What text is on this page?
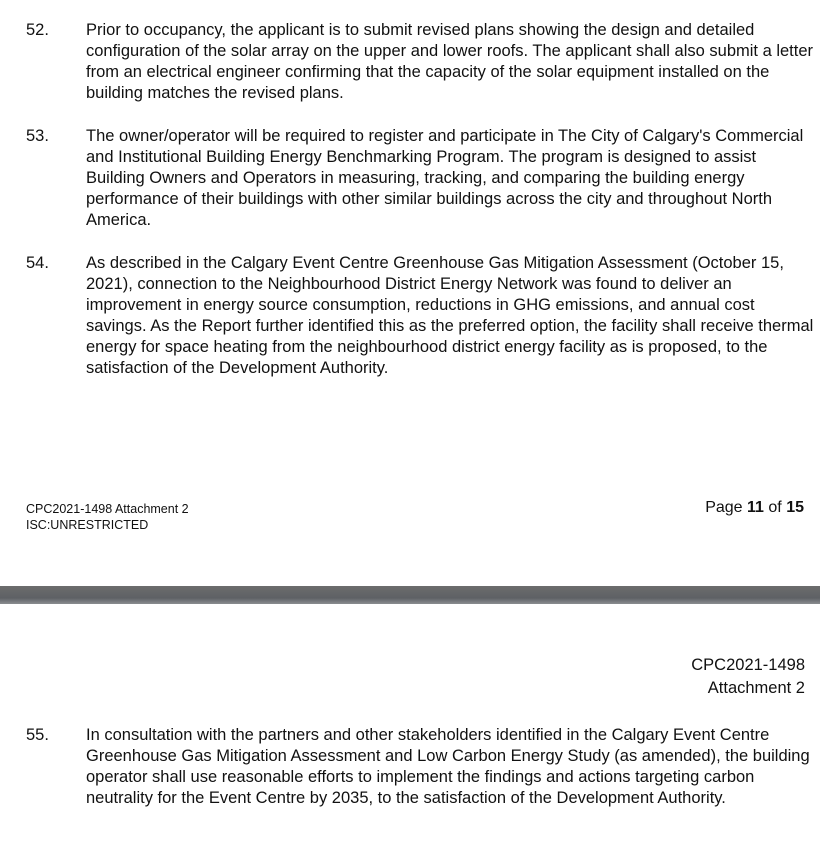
52. Prior to occupancy, the applicant is to submit revised plans showing the design and detailed configuration of the solar array on the upper and lower roofs. The applicant shall also submit a letter from an electrical engineer confirming that the capacity of the solar equipment installed on the building matches the revised plans.
53. The owner/operator will be required to register and participate in The City of Calgary's Commercial and Institutional Building Energy Benchmarking Program. The program is designed to assist Building Owners and Operators in measuring, tracking, and comparing the building energy performance of their buildings with other similar buildings across the city and throughout North America.
54. As described in the Calgary Event Centre Greenhouse Gas Mitigation Assessment (October 15, 2021), connection to the Neighbourhood District Energy Network was found to deliver an improvement in energy source consumption, reductions in GHG emissions, and annual cost savings. As the Report further identified this as the preferred option, the facility shall receive thermal energy for space heating from the neighbourhood district energy facility as is proposed, to the satisfaction of the Development Authority.
CPC2021-1498 Attachment 2
ISC:UNRESTRICTED
Page 11 of 15
CPC2021-1498
Attachment 2
55. In consultation with the partners and other stakeholders identified in the Calgary Event Centre Greenhouse Gas Mitigation Assessment and Low Carbon Energy Study (as amended), the building operator shall use reasonable efforts to implement the findings and actions targeting carbon neutrality for the Event Centre by 2035, to the satisfaction of the Development Authority.
